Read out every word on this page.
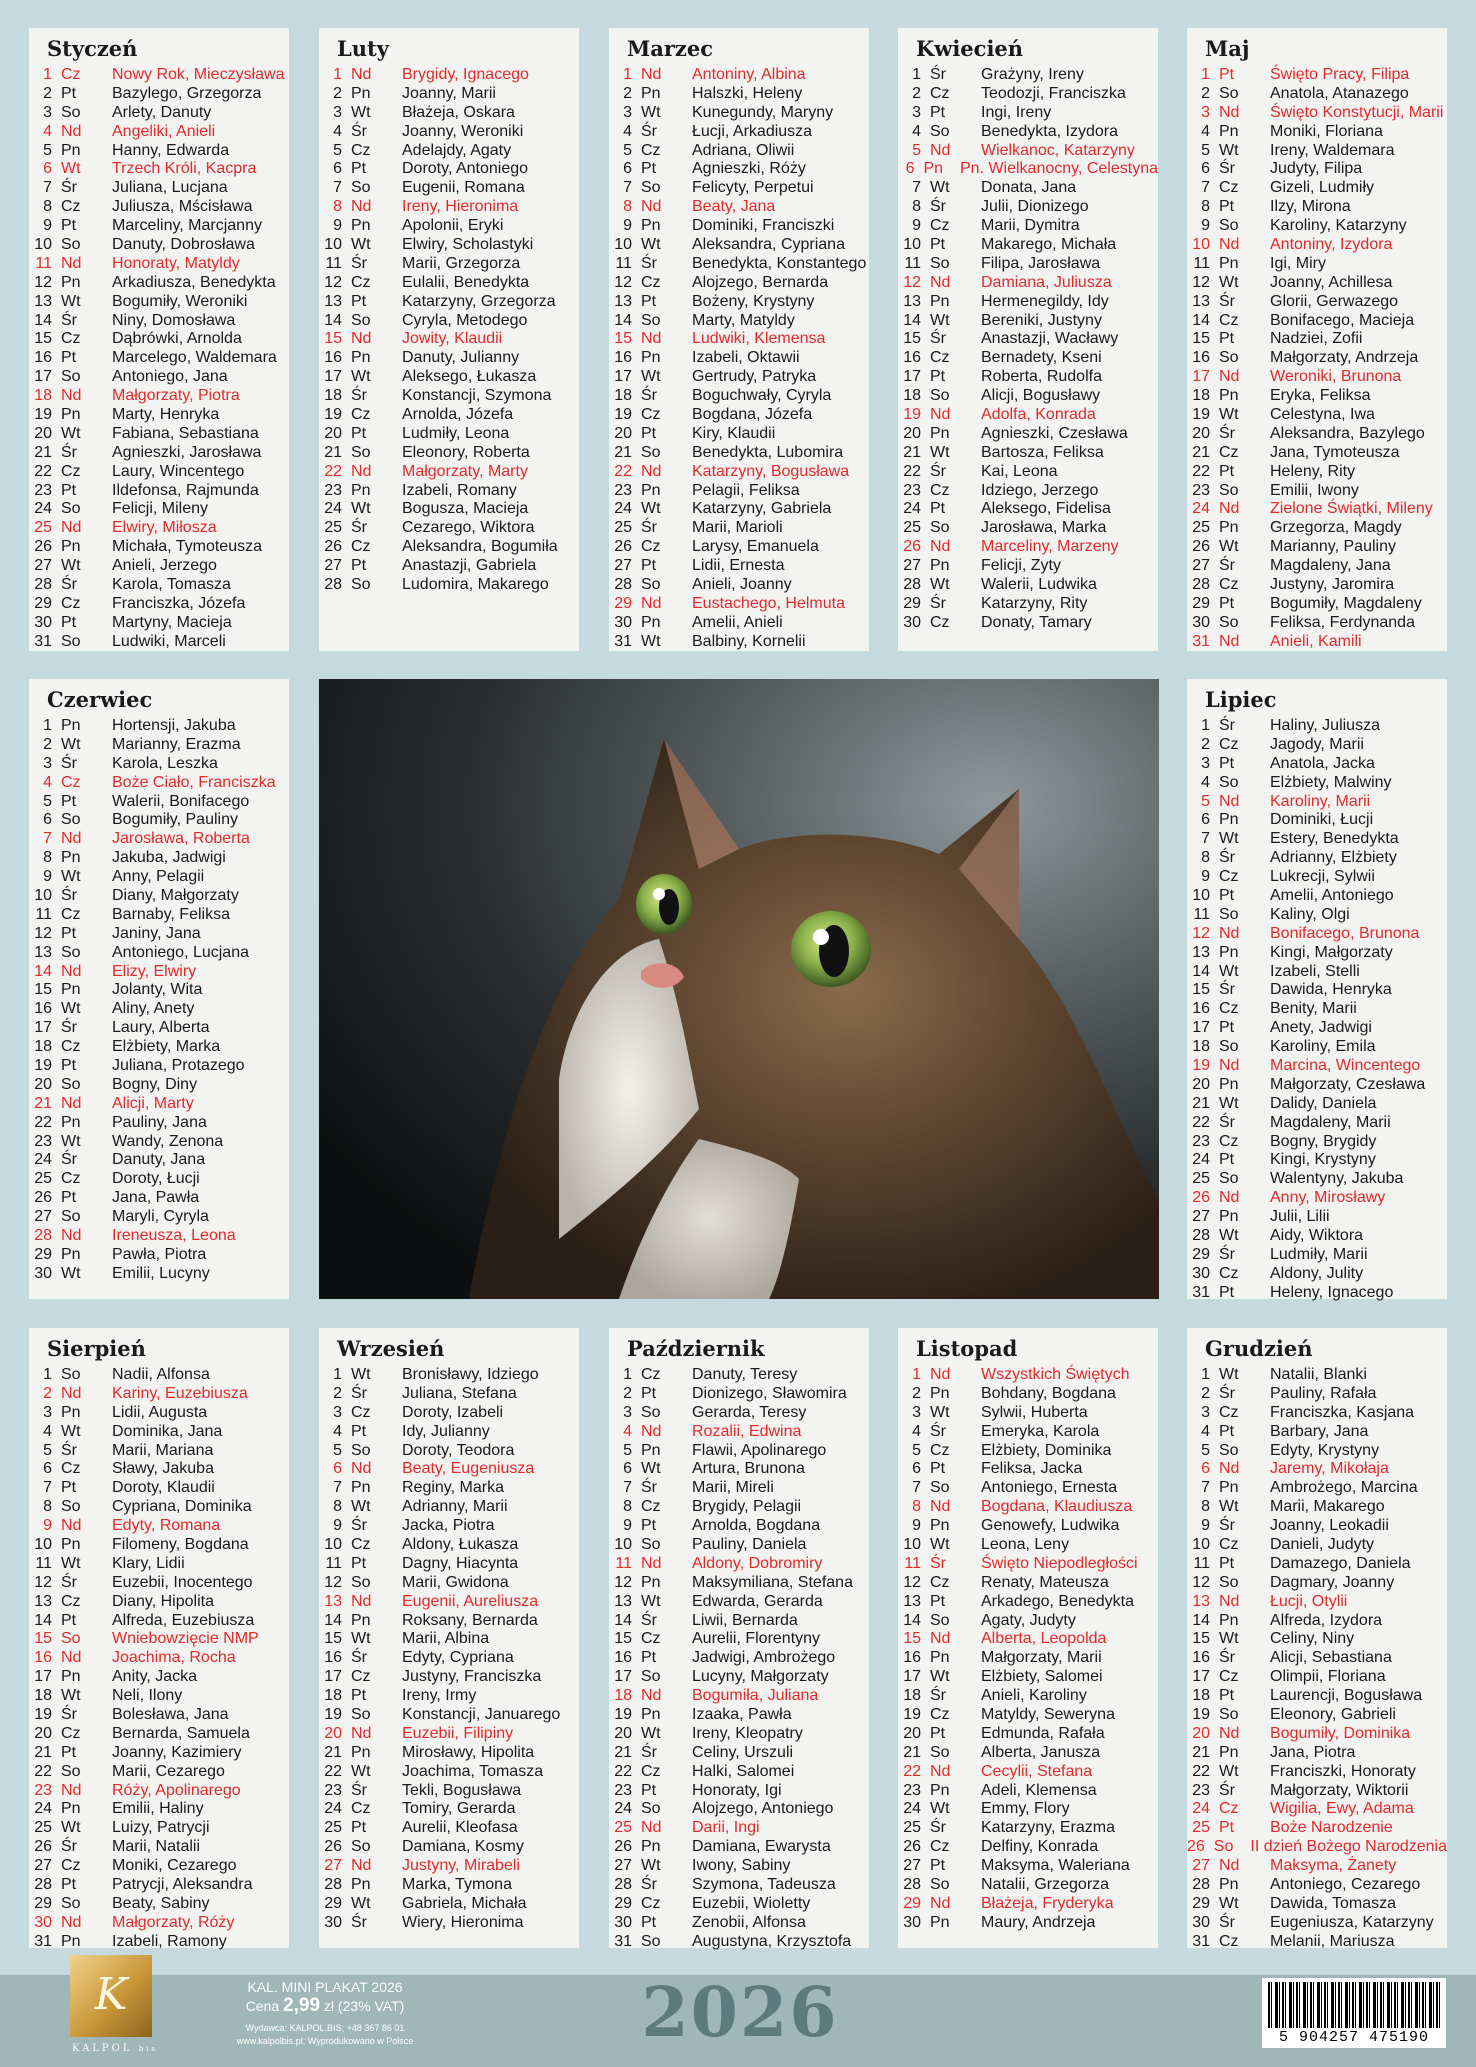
Styczeń
1 Cz	Nowy Rok, Mieczysława
2 Pt	Bazylego, Grzegorza
3 So	Arlety, Danuty
4 Nd	Angeliki, Anieli
5 Pn	Hanny, Edwarda
6 Wt	Trzech Króli, Kacpra
7 Śr	Juliana, Lucjana
8 Cz	Juliusza, Mścisława
9 Pt	Marceliny, Marcjanny
10 So	Danuty, Dobrosława
11 Nd	Honoraty, Matyldy
12 Pn	Arkadiusza, Benedykta
13 Wt	Bogumiły, Weroniki
14 Śr	Niny, Domosława
15 Cz	Dąbrówki, Arnolda
16 Pt	Marcelego, Waldemara
17 So	Antoniego, Jana
18 Nd	Małgorzaty, Piotra
19 Pn	Marty, Henryka
20 Wt	Fabiana, Sebastiana
21 Śr	Agnieszki, Jarosława
22 Cz	Laury, Wincentego
23 Pt	Ildefonsa, Rajmunda
24 So	Felicji, Mileny
25 Nd	Elwiry, Miłosza
26 Pn	Michała, Tymoteusza
27 Wt	Anieli, Jerzego
28 Śr	Karola, Tomasza
29 Cz	Franciszka, Józefa
30 Pt	Martyny, Macieja
31 So	Ludwiki, Marceli
Luty
1 Nd	Brygidy, Ignacego
2 Pn	Joanny, Marii
3 Wt	Błażeja, Oskara
4 Śr	Joanny, Weroniki
5 Cz	Adelajdy, Agaty
6 Pt	Doroty, Antoniego
7 So	Eugenii, Romana
8 Nd	Ireny, Hieronima
9 Pn	Apolonii, Eryki
10 Wt	Elwiry, Scholastyki
11 Śr	Marii, Grzegorza
12 Cz	Eulalii, Benedykta
13 Pt	Katarzyny, Grzegorza
14 So	Cyryla, Metodego
15 Nd	Jowity, Klaudii
16 Pn	Danuty, Julianny
17 Wt	Aleksego, Łukasza
18 Śr	Konstancji, Szymona
19 Cz	Arnolda, Józefa
20 Pt	Ludmiły, Leona
21 So	Eleonory, Roberta
22 Nd	Małgorzaty, Marty
23 Pn	Izabeli, Romany
24 Wt	Bogusza, Macieja
25 Śr	Cezarego, Wiktora
26 Cz	Aleksandra, Bogumiła
27 Pt	Anastazji, Gabriela
28 So	Ludomira, Makarego
Marzec
1 Nd	Antoniny, Albina
2 Pn	Halszki, Heleny
3 Wt	Kunegundy, Maryny
4 Śr	Łucji, Arkadiusza
5 Cz	Adriana, Oliwii
6 Pt	Agnieszki, Róży
7 So	Felicyty, Perpetui
8 Nd	Beaty, Jana
9 Pn	Dominiki, Franciszki
10 Wt	Aleksandra, Cypriana
11 Śr	Benedykta, Konstantego
12 Cz	Alojzego, Bernarda
13 Pt	Bożeny, Krystyny
14 So	Marty, Matyldy
15 Nd	Ludwiki, Klemensa
16 Pn	Izabeli, Oktawii
17 Wt	Gertrudy, Patryka
18 Śr	Boguchwały, Cyryla
19 Cz	Bogdana, Józefa
20 Pt	Kiry, Klaudii
21 So	Benedykta, Lubomira
22 Nd	Katarzyny, Bogusława
23 Pn	Pelagii, Feliksa
24 Wt	Katarzyny, Gabriela
25 Śr	Marii, Marioli
26 Cz	Larysy, Emanuela
27 Pt	Lidii, Ernesta
28 So	Anieli, Joanny
29 Nd	Eustachego, Helmuta
30 Pn	Amelii, Anieli
31 Wt	Balbiny, Kornelii
Kwiecień
1 Śr	Grażyny, Ireny
2 Cz	Teodozji, Franciszka
3 Pt	Ingi, Ireny
4 So	Benedykta, Izydora
5 Nd	Wielkanoc, Katarzyny
6 Pn	Pn. Wielkanocny, Celestyna
7 Wt	Donata, Jana
8 Śr	Julii, Dionizego
9 Cz	Marii, Dymitra
10 Pt	Makarego, Michała
11 So	Filipa, Jarosława
12 Nd	Damiana, Juliusza
13 Pn	Hermenegildy, Idy
14 Wt	Bereniki, Justyny
15 Śr	Anastazji, Wacławy
16 Cz	Bernadety, Kseni
17 Pt	Roberta, Rudolfa
18 So	Alicji, Bogusławy
19 Nd	Adolfa, Konrada
20 Pn	Agnieszki, Czesława
21 Wt	Bartosza, Feliksa
22 Śr	Kai, Leona
23 Cz	Idziego, Jerzego
24 Pt	Aleksego, Fidelisa
25 So	Jarosława, Marka
26 Nd	Marceliny, Marzeny
27 Pn	Felicji, Zyty
28 Wt	Walerii, Ludwika
29 Śr	Katarzyny, Rity
30 Cz	Donaty, Tamary
Maj
1 Pt	Święto Pracy, Filipa
2 So	Anatola, Atanazego
3 Nd	Święto Konstytucji, Marii
4 Pn	Moniki, Floriana
5 Wt	Ireny, Waldemara
6 Śr	Judyty, Filipa
7 Cz	Gizeli, Ludmiły
8 Pt	Ilzy, Mirona
9 So	Karoliny, Katarzyny
10 Nd	Antoniny, Izydora
11 Pn	Igi, Miry
12 Wt	Joanny, Achillesa
13 Śr	Glorii, Gerwazego
14 Cz	Bonifacego, Macieja
15 Pt	Nadziei, Zofii
16 So	Małgorzaty, Andrzeja
17 Nd	Weroniki, Brunona
18 Pn	Eryka, Feliksa
19 Wt	Celestyna, Iwa
20 Śr	Aleksandra, Bazylego
21 Cz	Jana, Tymoteusza
22 Pt	Heleny, Rity
23 So	Emilii, Iwony
24 Nd	Zielone Świątki, Mileny
25 Pn	Grzegorza, Magdy
26 Wt	Marianny, Pauliny
27 Śr	Magdaleny, Jana
28 Cz	Justyny, Jaromira
29 Pt	Bogumiły, Magdaleny
30 So	Feliksa, Ferdynanda
31 Nd	Anieli, Kamili
Czerwiec
1 Pn	Hortensji, Jakuba
2 Wt	Marianny, Erazma
3 Śr	Karola, Leszka
4 Cz	Boże Ciało, Franciszka
5 Pt	Walerii, Bonifacego
6 So	Bogumiły, Pauliny
7 Nd	Jarosława, Roberta
8 Pn	Jakuba, Jadwigi
9 Wt	Anny, Pelagii
10 Śr	Diany, Małgorzaty
11 Cz	Barnaby, Feliksa
12 Pt	Janiny, Jana
13 So	Antoniego, Lucjana
14 Nd	Elizy, Elwiry
15 Pn	Jolanty, Wita
16 Wt	Aliny, Anety
17 Śr	Laury, Alberta
18 Cz	Elżbiety, Marka
19 Pt	Juliana, Protazego
20 So	Bogny, Diny
21 Nd	Alicji, Marty
22 Pn	Pauliny, Jana
23 Wt	Wandy, Zenona
24 Śr	Danuty, Jana
25 Cz	Doroty, Łucji
26 Pt	Jana, Pawła
27 So	Maryli, Cyryla
28 Nd	Ireneusza, Leona
29 Pn	Pawła, Piotra
30 Wt	Emilii, Lucyny
Lipiec
1 Śr	Haliny, Juliusza
2 Cz	Jagody, Marii
3 Pt	Anatola, Jacka
4 So	Elżbiety, Malwiny
5 Nd	Karoliny, Marii
6 Pn	Dominiki, Łucji
7 Wt	Estery, Benedykta
8 Śr	Adrianny, Elżbiety
9 Cz	Lukrecji, Sylwii
10 Pt	Amelii, Antoniego
11 So	Kaliny, Olgi
12 Nd	Bonifacego, Brunona
13 Pn	Kingi, Małgorzaty
14 Wt	Izabeli, Stelli
15 Śr	Dawida, Henryka
16 Cz	Benity, Marii
17 Pt	Anety, Jadwigi
18 So	Karoliny, Emila
19 Nd	Marcina, Wincentego
20 Pn	Małgorzaty, Czesława
21 Wt	Dalidy, Daniela
22 Śr	Magdaleny, Marii
23 Cz	Bogny, Brygidy
24 Pt	Kingi, Krystyny
25 So	Walentyny, Jakuba
26 Nd	Anny, Mirosławy
27 Pn	Julii, Lilii
28 Wt	Aidy, Wiktora
29 Śr	Ludmiły, Marii
30 Cz	Aldony, Julity
31 Pt	Heleny, Ignacego
Sierpień
1 So	Nadii, Alfonsa
2 Nd	Kariny, Euzebiusza
3 Pn	Lidii, Augusta
4 Wt	Dominika, Jana
5 Śr	Marii, Mariana
6 Cz	Sławy, Jakuba
7 Pt	Doroty, Klaudii
8 So	Cypriana, Dominika
9 Nd	Edyty, Romana
10 Pn	Filomeny, Bogdana
11 Wt	Klary, Lidii
12 Śr	Euzebii, Inocentego
13 Cz	Diany, Hipolita
14 Pt	Alfreda, Euzebiusza
15 So	Wniebowzięcie NMP
16 Nd	Joachima, Rocha
17 Pn	Anity, Jacka
18 Wt	Neli, Ilony
19 Śr	Bolesława, Jana
20 Cz	Bernarda, Samuela
21 Pt	Joanny, Kazimiery
22 So	Marii, Cezarego
23 Nd	Róży, Apolinarego
24 Pn	Emilii, Haliny
25 Wt	Luizy, Patrycji
26 Śr	Marii, Natalii
27 Cz	Moniki, Cezarego
28 Pt	Patrycji, Aleksandra
29 So	Beaty, Sabiny
30 Nd	Małgorzaty, Róży
31 Pn	Izabeli, Ramony
Wrzesień
1 Wt	Bronisławy, Idziego
2 Śr	Juliana, Stefana
3 Cz	Doroty, Izabeli
4 Pt	Idy, Julianny
5 So	Doroty, Teodora
6 Nd	Beaty, Eugeniusza
7 Pn	Reginy, Marka
8 Wt	Adrianny, Marii
9 Śr	Jacka, Piotra
10 Cz	Aldony, Łukasza
11 Pt	Dagny, Hiacynta
12 So	Marii, Gwidona
13 Nd	Eugenii, Aureliusza
14 Pn	Roksany, Bernarda
15 Wt	Marii, Albina
16 Śr	Edyty, Cypriana
17 Cz	Justyny, Franciszka
18 Pt	Ireny, Irmy
19 So	Konstancji, Januarego
20 Nd	Euzebii, Filipiny
21 Pn	Mirosławy, Hipolita
22 Wt	Joachima, Tomasza
23 Śr	Tekli, Bogusława
24 Cz	Tomiry, Gerarda
25 Pt	Aurelii, Kleofasa
26 So	Damiana, Kosmy
27 Nd	Justyny, Mirabeli
28 Pn	Marka, Tymona
29 Wt	Gabriela, Michała
30 Śr	Wiery, Hieronima
Październik
1 Cz	Danuty, Teresy
2 Pt	Dionizego, Sławomira
3 So	Gerarda, Teresy
4 Nd	Rozalii, Edwina
5 Pn	Flawii, Apolinarego
6 Wt	Artura, Brunona
7 Śr	Marii, Mireli
8 Cz	Brygidy, Pelagii
9 Pt	Arnolda, Bogdana
10 So	Pauliny, Daniela
11 Nd	Aldony, Dobromiry
12 Pn	Maksymiliana, Stefana
13 Wt	Edwarda, Gerarda
14 Śr	Liwii, Bernarda
15 Cz	Aurelii, Florentyny
16 Pt	Jadwigi, Ambrożego
17 So	Lucyny, Małgorzaty
18 Nd	Bogumiła, Juliana
19 Pn	Izaaka, Pawła
20 Wt	Ireny, Kleopatry
21 Śr	Celiny, Urszuli
22 Cz	Halki, Salomei
23 Pt	Honoraty, Igi
24 So	Alojzego, Antoniego
25 Nd	Darii, Ingi
26 Pn	Damiana, Ewarysta
27 Wt	Iwony, Sabiny
28 Śr	Szymona, Tadeusza
29 Cz	Euzebii, Wioletty
30 Pt	Zenobii, Alfonsa
31 So	Augustyna, Krzysztofa
Listopad
1 Nd	Wszystkich Świętych
2 Pn	Bohdany, Bogdana
3 Wt	Sylwii, Huberta
4 Śr	Emeryka, Karola
5 Cz	Elżbiety, Dominika
6 Pt	Feliksa, Jacka
7 So	Antoniego, Ernesta
8 Nd	Bogdana, Klaudiusza
9 Pn	Genowefy, Ludwika
10 Wt	Leona, Leny
11 Śr	Święto Niepodległości
12 Cz	Renaty, Mateusza
13 Pt	Arkadego, Benedykta
14 So	Agaty, Judyty
15 Nd	Alberta, Leopolda
16 Pn	Małgorzaty, Marii
17 Wt	Elżbiety, Salomei
18 Śr	Anieli, Karoliny
19 Cz	Matyldy, Seweryna
20 Pt	Edmunda, Rafała
21 So	Alberta, Janusza
22 Nd	Cecylii, Stefana
23 Pn	Adeli, Klemensa
24 Wt	Emmy, Flory
25 Śr	Katarzyny, Erazma
26 Cz	Delfiny, Konrada
27 Pt	Maksyma, Waleriana
28 So	Natalii, Grzegorza
29 Nd	Błażeja, Fryderyka
30 Pn	Maury, Andrzeja
Grudzień
1 Wt	Natalii, Blanki
2 Śr	Pauliny, Rafała
3 Cz	Franciszka, Kasjana
4 Pt	Barbary, Jana
5 So	Edyty, Krystyny
6 Nd	Jaremy, Mikołaja
7 Pn	Ambrożego, Marcina
8 Wt	Marii, Makarego
9 Śr	Joanny, Leokadii
10 Cz	Danieli, Judyty
11 Pt	Damazego, Daniela
12 So	Dagmary, Joanny
13 Nd	Łucji, Otylii
14 Pn	Alfreda, Izydora
15 Wt	Celiny, Niny
16 Śr	Alicji, Sebastiana
17 Cz	Olimpii, Floriana
18 Pt	Laurencji, Bogusława
19 So	Eleonory, Gabrieli
20 Nd	Bogumiły, Dominika
21 Pn	Jana, Piotra
22 Wt	Franciszki, Honoraty
23 Śr	Małgorzaty, Wiktorii
24 Cz	Wigilia, Ewy, Adama
25 Pt	Boże Narodzenie
26 So	II dzień Bożego Narodzenia
27 Nd	Maksyma, Żanety
28 Pn	Antoniego, Cezarego
29 Wt	Dawida, Tomasza
30 Śr	Eugeniusza, Katarzyny
31 Cz	Melanii, Mariusza
K
KALPOL bis
KAL. MINI PLAKAT 2026
Cena 2,99 zł (23% VAT)
Wydawca: KALPOL.BIS; +48 367 86 01
www.kalpolbis.pl; Wyprodukowano w Polsce	2026	5 904257 475190
